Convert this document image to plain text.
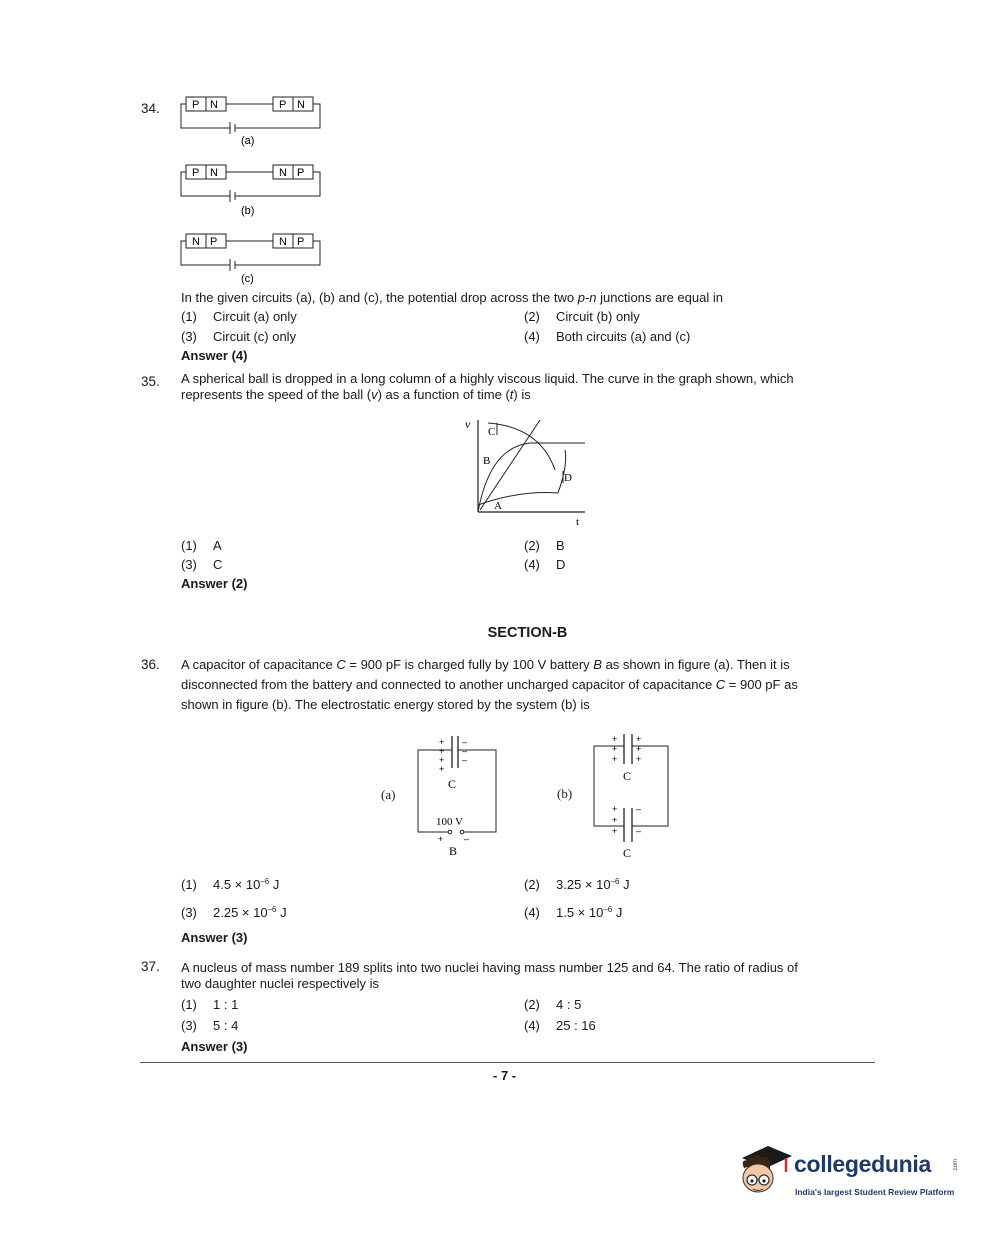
34.	P N	P N
(a)
P N	N P
(b)
N P	N P
(c)
In the given circuits (a), (b) and (c), the potential drop across the two p-n junctions are equal in
(1) Circuit (a) only	(2) Circuit (b) only
(3) Circuit (c) only	(4) Both circuits (a) and (c)
Answer (4)
35. A spherical ball is dropped in a long column of a highly viscous liquid. The curve in the graph shown, which
represents the speed of the ball (v) as a function of time (t) is
v
t
C
B
D
A
(1) A	(2) B
(3) C	(4) D
Answer (2)
SECTION-B
36. A capacitor of capacitance C = 900 pF is charged fully by 100 V battery B as shown in figure (a). Then it is
disconnected from the battery and connected to another uncharged capacitor of capacitance C = 900 pF as
shown in figure (b). The electrostatic energy stored by the system (b) is
(a)
+
+
+
+
–
–
–
C
100 V
+ –
B
(b)
+
+
+
+
+
+
C
+
+
+
–
–
C
(1) $4.5 \times 10^{-6}$ J	(2) $3.25 \times 10^{-6}$ J
(3) $2.25 \times 10^{-6}$ J	(4) $1.5 \times 10^{-6}$ J
Answer (3)
37. A nucleus of mass number 189 splits into two nuclei having mass number 125 and 64. The ratio of radius of
two daughter nuclei respectively is
(1) 1 : 1	(2) 4 : 5
(3) 5 : 4	(4) 25 : 16
Answer (3)
- 7 -
collegedunia	.com
India's largest Student Review Platform
